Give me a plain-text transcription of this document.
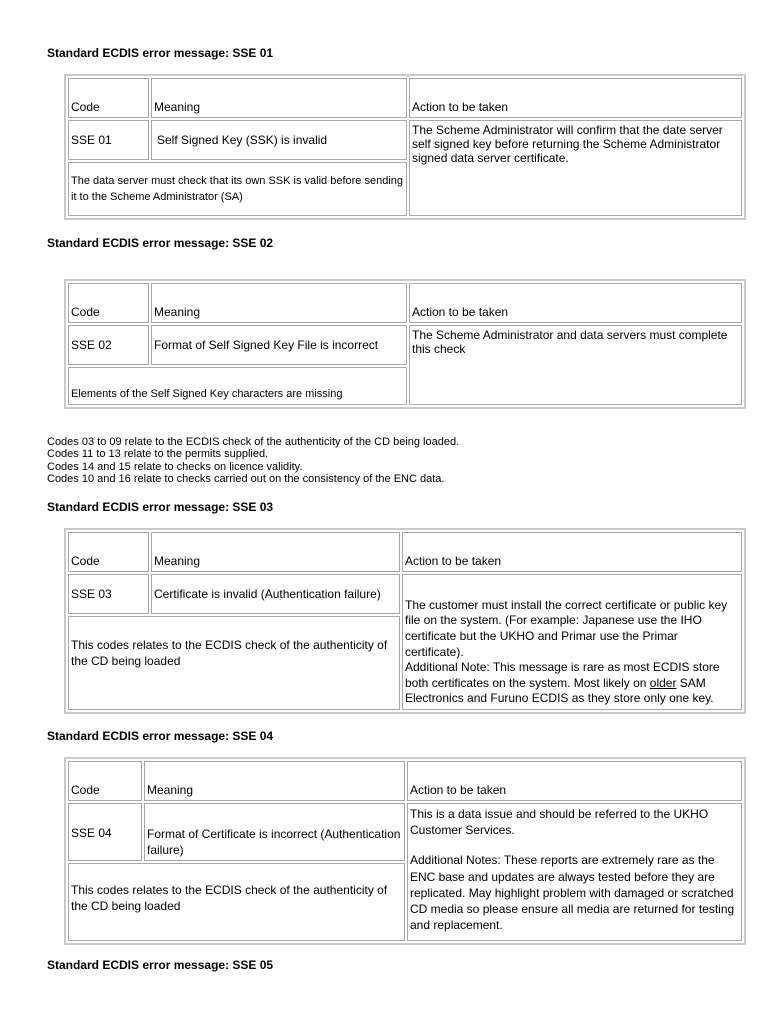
Standard ECDIS error message: SSE 01
Code	Meaning	Action to be taken
SSE 01	Self Signed Key (SSK) is invalid	The Scheme Administrator will confirm that the date server self signed key before returning the Scheme Administrator signed data server certificate.
The data server must check that its own SSK is valid before sending it to the Scheme Administrator (SA)		
Standard ECDIS error message: SSE 02
Code	Meaning	Action to be taken
SSE 02	Format of Self Signed Key File is incorrect	The Scheme Administrator and data servers must complete this check
Elements of the Self Signed Key characters are missing		
Codes 03 to 09 relate to the ECDIS check of the authenticity of the CD being loaded.
Codes 11 to 13 relate to the permits supplied.
Codes 14 and 15 relate to checks on licence validity.
Codes 10 and 16 relate to checks carried out on the consistency of the ENC data.
Standard ECDIS error message: SSE 03
Code	Meaning	Action to be taken
SSE 03	Certificate is invalid (Authentication failure)	The customer must install the correct certificate or public key file on the system. (For example: Japanese use the IHO certificate but the UKHO and Primar use the Primar certificate).
Additional Note: This message is rare as most ECDIS store both certificates on the system. Most likely on older SAM Electronics and Furuno ECDIS as they store only one key.
This codes relates to the ECDIS check of the authenticity of the CD being loaded		
Standard ECDIS error message: SSE 04
Code	Meaning	Action to be taken
SSE 04	Format of Certificate is incorrect (Authentication failure)	This is a data issue and should be referred to the UKHO Customer Services.
Additional Notes: These reports are extremely rare as the ENC base and updates are always tested before they are replicated. May highlight problem with damaged or scratched CD media so please ensure all media are returned for testing and replacement.

This codes relates to the ECDIS check of the authenticity of the CD being loaded		
Standard ECDIS error message: SSE 05
